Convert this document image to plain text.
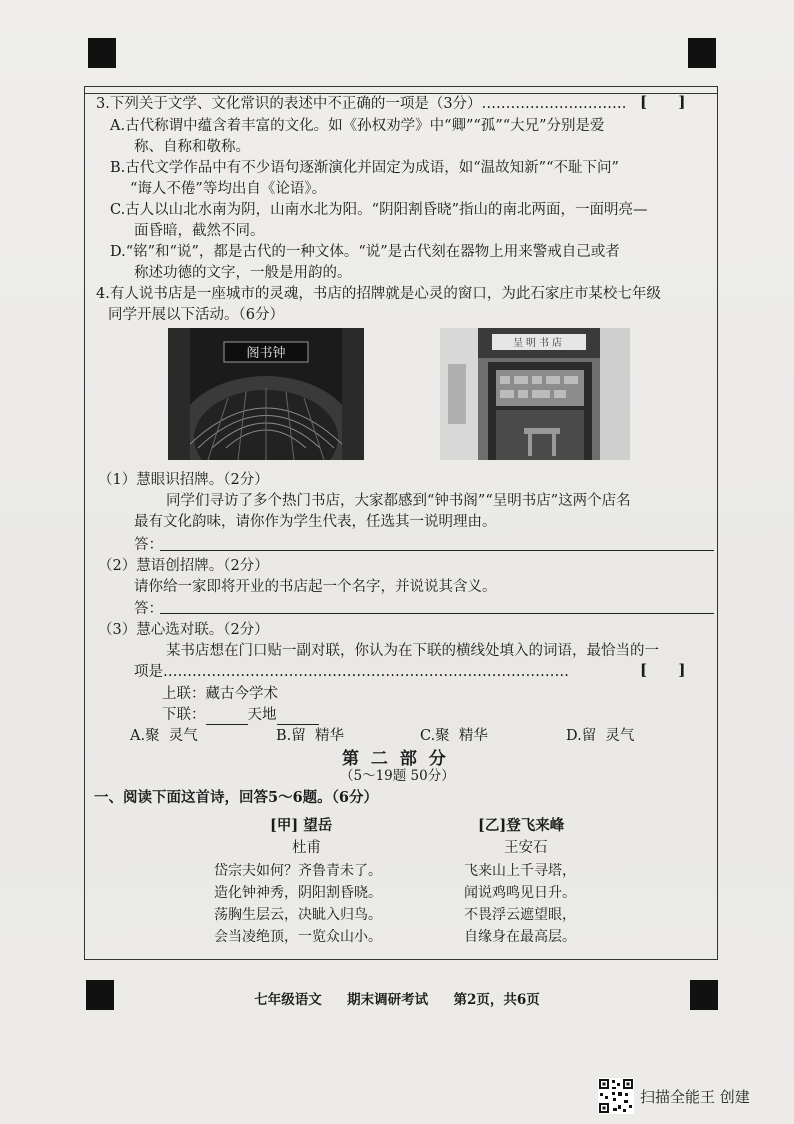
3.下列关于文学、文化常识的表述中不正确的一项是（3分）………………………… [      ]
A.古代称谓中蕴含着丰富的文化。如《孙权劝学》中“卿”“孤”“大兄”分别是爱
称、自称和敬称。
B.古代文学作品中有不少语句逐渐演化并固定为成语，如“温故知新”“不耻下问”
“诲人不倦”等均出自《论语》。
C.古人以山北水南为阴，山南水北为阳。“阴阳割昏晓”指山的南北两面，一面明亮—
面昏暗，截然不同。
D.“铭”和“说”，都是古代的一种文体。“说”是古代刻在器物上用来警戒自己或者
称述功德的文字，一般是用韵的。
4.有人说书店是一座城市的灵魂，书店的招牌就是心灵的窗口，为此石家庄市某校七年级
同学开展以下活动。（6分）
阁书钟
呈明书店
（1）慧眼识招牌。（2分）
同学们寻访了多个热门书店，大家都感到“钟书阁”“呈明书店”这两个店名
最有文化韵味，请你作为学生代表，任选其一说明理由。
答：
（2）慧语创招牌。（2分）
请你给一家即将开业的书店起一个名字，并说说其含义。
答：
（3）慧心选对联。（2分）
某书店想在门口贴一副对联，你认为在下联的横线处填入的词语，最恰当的一
项是…………………………………………………………………………	[      ]
上联：藏古今学术
下联：	天地
A.聚  灵气	B.留  精华	C.聚  精华	D.留  灵气
第 二 部 分
（5～19题 50分）
一、阅读下面这首诗，回答5～6题。（6分）
[甲] 望岳
杜甫
岱宗夫如何？齐鲁青未了。
造化钟神秀，阴阳割昏晓。
荡胸生层云，决眦入归鸟。
会当凌绝顶，一览众山小。
[乙]登飞来峰
王安石
飞来山上千寻塔，
闻说鸡鸣见日升。
不畏浮云遮望眼，
自缘身在最高层。
七年级语文  期末调研考试  第2页，共6页
扫描全能王 创建
